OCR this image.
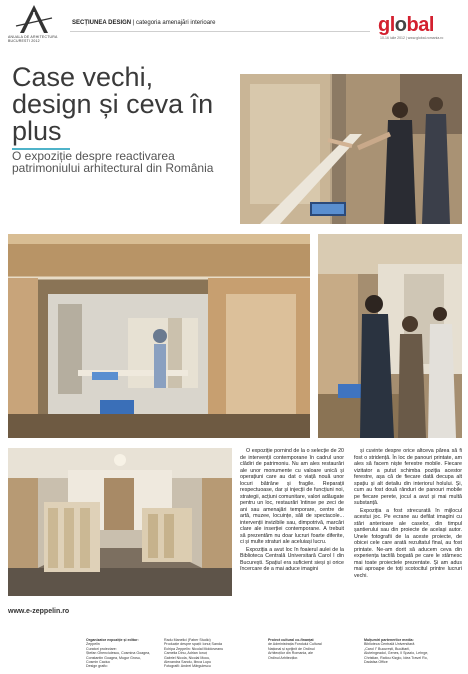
ANUALA DE ARHITECTURA
BUCURESTI 2012
SECȚIUNEA DESIGN | categoria amenajări interioare	global
10-16 iulie 2012 | www.global-romania.ro
Case vechi, design și ceva în plus
O expoziție despre reactivarea patrimoniului arhitectural din România

O expoziție pornind de la o selecție de 20 de intervenții contemporane în cadrul unor clădiri de patrimoniu. Nu am ales restaurări ale unor monumente cu valoare unică și operațiuni care au dat o viață nouă unor locuri bătrâne și fragile. Reparații respectuoase, dar și injecții de funcțiuni noi, strategii, acțiuni comunitare, valori adăugate pentru un loc, restaurări întinse pe zeci de ani sau amenajări temporare, centre de artă, muzee, locuințe, săli de spectacole... intervenții invizibile sau, dimpotrivă, marcări clare ale inserției contemporane. A trebuit să prezentăm nu doar lucruri foarte diferite, ci și multe straturi ale aceluiași lucru.

Expoziția a avut loc în foaierul aulei de la Biblioteca Centrală Universitară Carol I din București. Spațiul era suficient sieși și orice încercare de a mai aduce imagini

și cuvinte despre orice altceva părea să fi fost o stridență. În loc de panouri printate, am ales să facem niște ferestre mobile. Fiecare vizitator a putut schimba poziția acestor ferestre, așa că de fiecare dată decupa alt spațiu și alt detaliu din interiorul holului. Și, cum au fost două rânduri de panouri mobile pe fiecare perete, jocul a avut și mai multă substanță.

Expoziția a fost strecurată în mijlocul acestui joc. Pe ecrane au defilat imagini cu stări anterioare ale caselor, din timpul șantierului sau din proiecte de același autor. Unele fotografii de la aceste proiecte, de obicei cele care arată rezultatul final, au fost printate. Ne-am dorit să aducem ceva din experiența tactilă bogată pe care le stârnesc mai toate proiectele prezentate. Și am adus mai aproape de toți scotocitul printre lucruri vechi.

www.e-zeppelin.ro
Organizator expoziție și editor:
Zeppelin
Curatori proiectare:
Ștefan Ghenciulescu, Cosmina Goagea,
Constantin Goagea, Mugur Grosu,
Cosmin Caciuc
Design grafic:
Radu Manelici (Faber Studio)
Producție despre spații: Ionuț Sanda
Echipa Zeppelin: Nicolai Moldoveanu
Camelia Dinu, Adrian Ionuț
Gabriel Nicola, Nicolai Mocu,
Alexandra Sandu, Ilinca Lupu
Fotografii: Andrei Mărgulescu
Proiect cultural co-finanțat
de Administrația Fondului Cultural
Național și sprijinit de Ordinul
Arhitecților din Romania, ale
Ordinul Arhitecților.
Mulțumiri partenerilor media:
Biblioteca Centrală Universitară
„Carol I" București, Bucătarii,
Aluteingeadol, Genes, Il Spazio, Lehrge,
Christian, Ratiou Kizgio, Idea Travel Ro,
DadaIsa Office
